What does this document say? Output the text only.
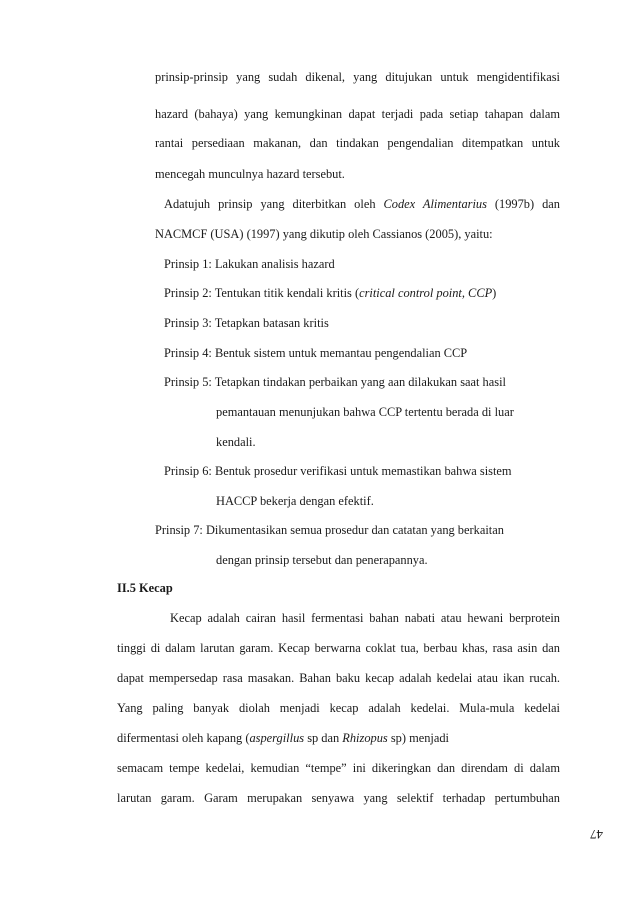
prinsip-prinsip yang sudah dikenal, yang ditujukan untuk mengidentifikasi
hazard (bahaya) yang kemungkinan dapat terjadi pada setiap tahapan dalam
rantai persediaan makanan, dan tindakan pengendalian ditempatkan untuk
mencegah munculnya hazard tersebut.
Adatujuh prinsip yang diterbitkan oleh Codex Alimentarius (1997b) dan
NACMCF (USA) (1997) yang dikutip oleh Cassianos (2005), yaitu:
Prinsip 1: Lakukan analisis hazard
Prinsip 2: Tentukan titik kendali kritis (critical control point, CCP)
Prinsip 3: Tetapkan batasan kritis
Prinsip 4: Bentuk sistem untuk memantau pengendalian CCP
Prinsip 5: Tetapkan tindakan perbaikan yang aan dilakukan saat hasil
pemantauan menunjukan bahwa CCP tertentu berada di luar
kendali.
Prinsip 6: Bentuk prosedur verifikasi untuk memastikan bahwa sistem
HACCP bekerja dengan efektif.
Prinsip 7: Dikumentasikan semua prosedur dan catatan yang berkaitan
dengan prinsip tersebut dan penerapannya.
II.5 Kecap
Kecap adalah cairan hasil fermentasi bahan nabati atau hewani berprotein
tinggi di dalam larutan garam. Kecap berwarna coklat tua, berbau khas, rasa asin dan
dapat mempersedap rasa masakan. Bahan baku kecap adalah kedelai atau ikan rucah.
Yang paling banyak diolah menjadi kecap adalah kedelai. Mula-mula kedelai
difermentasi oleh kapang (aspergillus sp dan Rhizopus sp) menjadi
semacam tempe kedelai, kemudian “tempe” ini dikeringkan dan direndam di dalam
larutan garam. Garam merupakan senyawa yang selektif terhadap pertumbuhan
47
